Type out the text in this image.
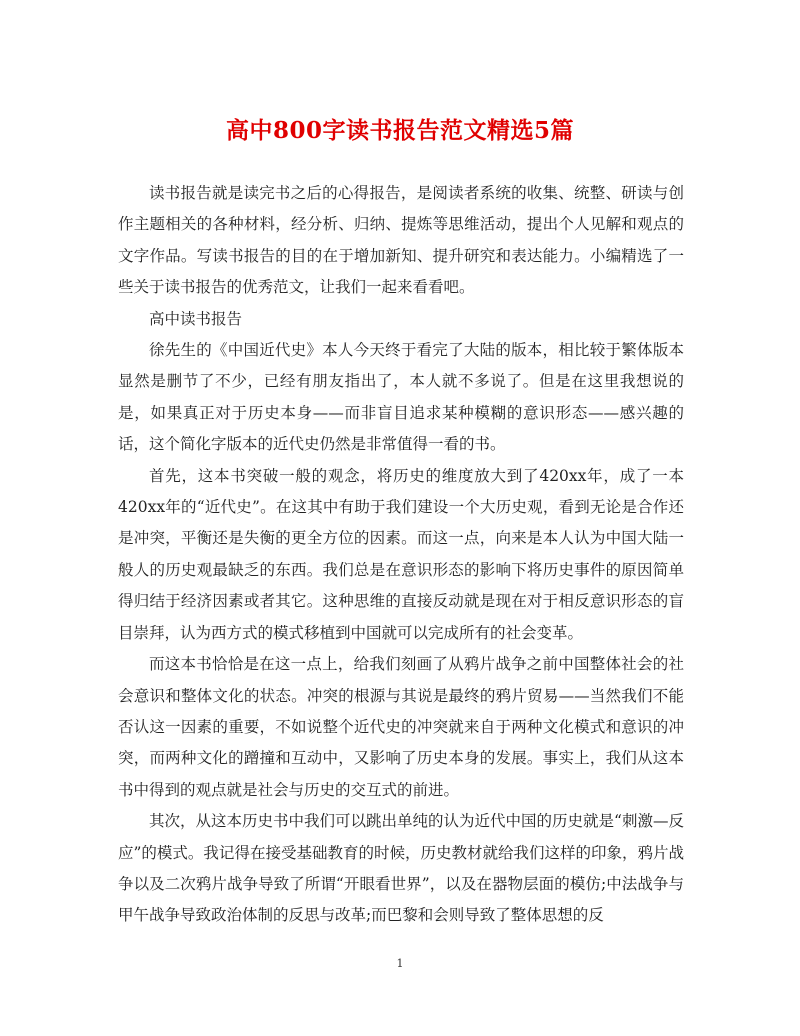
高中800字读书报告范文精选5篇

读书报告就是读完书之后的心得报告，是阅读者系统的收集、统整、研读与创作主题相关的各种材料，经分析、归纳、提炼等思维活动，提出个人见解和观点的文字作品。写读书报告的目的在于增加新知、提升研究和表达能力。小编精选了一些关于读书报告的优秀范文，让我们一起来看看吧。

高中读书报告

徐先生的《中国近代史》本人今天终于看完了大陆的版本，相比较于繁体版本显然是删节了不少，已经有朋友指出了，本人就不多说了。但是在这里我想说的是，如果真正对于历史本身——而非盲目追求某种模糊的意识形态——感兴趣的话，这个简化字版本的近代史仍然是非常值得一看的书。

首先，这本书突破一般的观念，将历史的维度放大到了420xx年，成了一本420xx年的“近代史”。在这其中有助于我们建设一个大历史观，看到无论是合作还是冲突，平衡还是失衡的更全方位的因素。而这一点，向来是本人认为中国大陆一般人的历史观最缺乏的东西。我们总是在意识形态的影响下将历史事件的原因简单得归结于经济因素或者其它。这种思维的直接反动就是现在对于相反意识形态的盲目崇拜，认为西方式的模式移植到中国就可以完成所有的社会变革。

而这本书恰恰是在这一点上，给我们刻画了从鸦片战争之前中国整体社会的社会意识和整体文化的状态。冲突的根源与其说是最终的鸦片贸易——当然我们不能否认这一因素的重要，不如说整个近代史的冲突就来自于两种文化模式和意识的冲突，而两种文化的蹭撞和互动中，又影响了历史本身的发展。事实上，我们从这本书中得到的观点就是社会与历史的交互式的前进。

其次，从这本历史书中我们可以跳出单纯的认为近代中国的历史就是“刺激—反应”的模式。我记得在接受基础教育的时候，历史教材就给我们这样的印象，鸦片战争以及二次鸦片战争导致了所谓“开眼看世界”，以及在器物层面的模仿;中法战争与甲午战争导致政治体制的反思与改革;而巴黎和会则导致了整体思想的反

1
